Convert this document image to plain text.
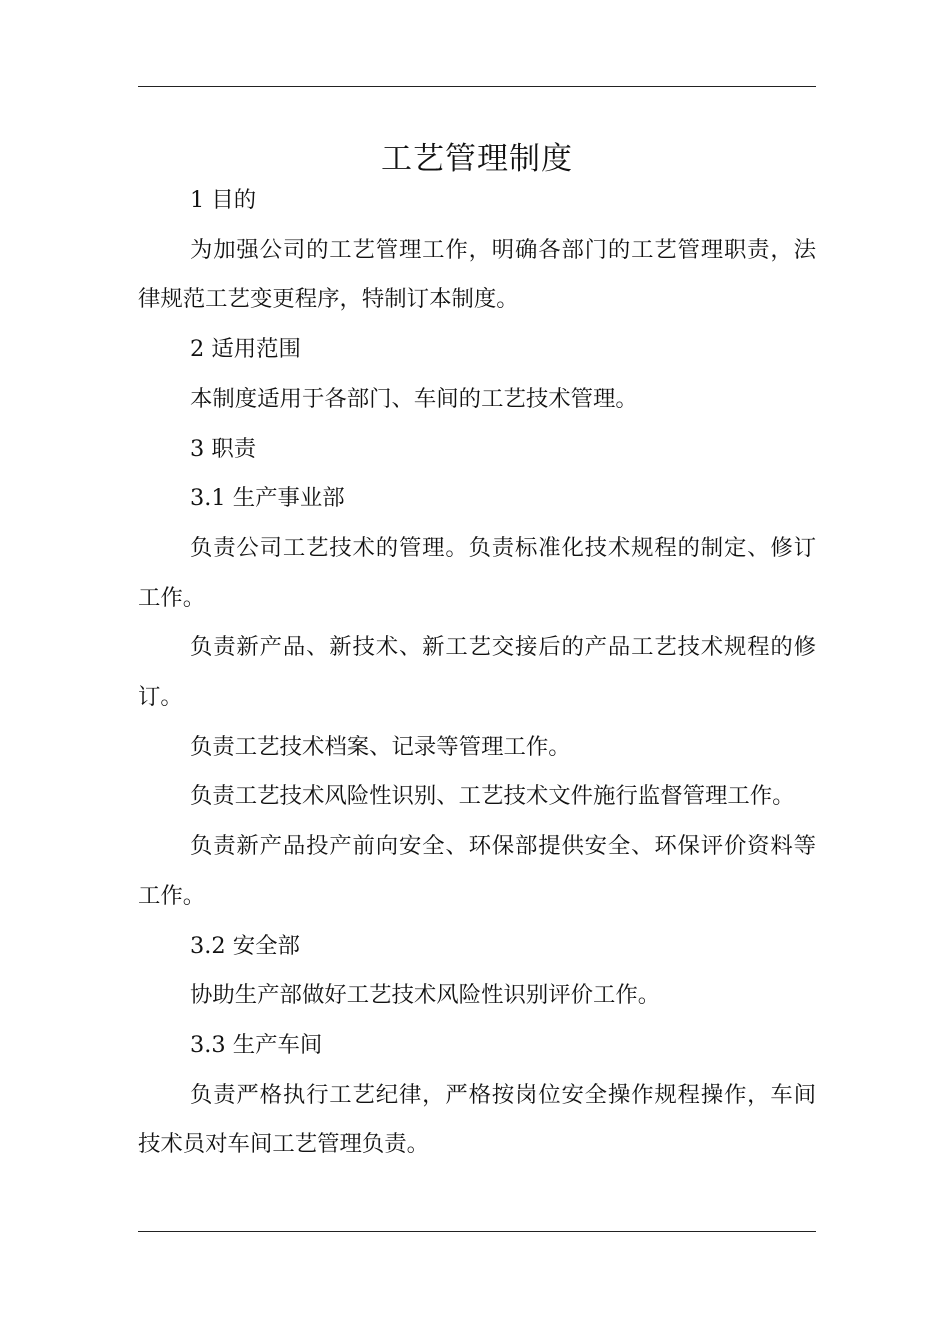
工艺管理制度

1 目的

为加强公司的工艺管理工作，明确各部门的工艺管理职责，法律规范工艺变更程序，特制订本制度。

2 适用范围

本制度适用于各部门、车间的工艺技术管理。

3 职责

3.1 生产事业部

负责公司工艺技术的管理。负责标准化技术规程的制定、修订工作。

负责新产品、新技术、新工艺交接后的产品工艺技术规程的修订。

负责工艺技术档案、记录等管理工作。

负责工艺技术风险性识别、工艺技术文件施行监督管理工作。

负责新产品投产前向安全、环保部提供安全、环保评价资料等工作。

3.2 安全部

协助生产部做好工艺技术风险性识别评价工作。

3.3 生产车间

负责严格执行工艺纪律，严格按岗位安全操作规程操作，车间技术员对车间工艺管理负责。
